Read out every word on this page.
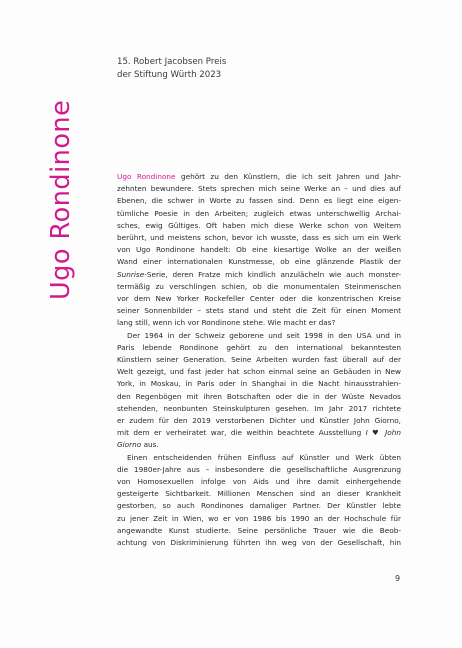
Ugo Rondinone
15. Robert Jacobsen Preis
der Stiftung Würth 2023

Ugo Rondinone gehört zu den Künstlern, die ich seit Jahren und Jahr-
zehnten bewundere. Stets sprechen mich seine Werke an – und dies auf
Ebenen, die schwer in Worte zu fassen sind. Denn es liegt eine eigen-
tümliche Poesie in den Arbeiten; zugleich etwas unterschwellig Archai-
sches, ewig Gültiges. Oft haben mich diese Werke schon von Weitem
berührt, und meistens schon, bevor ich wusste, dass es sich um ein Werk
von Ugo Rondinone handelt: Ob eine kiesartige Wolke an der weißen
Wand einer internationalen Kunstmesse, ob eine glänzende Plastik der
Sunrise-Serie, deren Fratze mich kindlich anzulächeln wie auch monster-
termäßig zu verschlingen schien, ob die monumentalen Steinmenschen
vor dem New Yorker Rockefeller Center oder die konzentrischen Kreise
seiner Sonnenbilder – stets stand und steht die Zeit für einen Moment
lang still, wenn ich vor Rondinone stehe. Wie macht er das?

Der 1964 in der Schweiz geborene und seit 1998 in den USA und in
Paris lebende Rondinone gehört zu den international bekanntesten
Künstlern seiner Generation. Seine Arbeiten wurden fast überall auf der
Welt gezeigt, und fast jeder hat schon einmal seine an Gebäuden in New
York, in Moskau, in Paris oder in Shanghai in die Nacht hinausstrahlen-
den Regenbögen mit ihren Botschaften oder die in der Wüste Nevados
stehenden, neonbunten Steinskulpturen gesehen. Im Jahr 2017 richtete
er zudem für den 2019 verstorbenen Dichter und Künstler John Giorno,
mit dem er verheiratet war, die weithin beachtete Ausstellung I ♥ John
Giorno aus.

Einen entscheidenden frühen Einfluss auf Künstler und Werk übten
die 1980er-Jahre aus – insbesondere die gesellschaftliche Ausgrenzung
von Homosexuellen infolge von Aids und ihre damit einhergehende
gesteigerte Sichtbarkeit. Millionen Menschen sind an dieser Krankheit
gestorben, so auch Rondinones damaliger Partner. Der Künstler lebte
zu jener Zeit in Wien, wo er von 1986 bis 1990 an der Hochschule für
angewandte Kunst studierte. Seine persönliche Trauer wie die Beob-
achtung von Diskriminierung führten ihn weg von der Gesellschaft, hin

9
